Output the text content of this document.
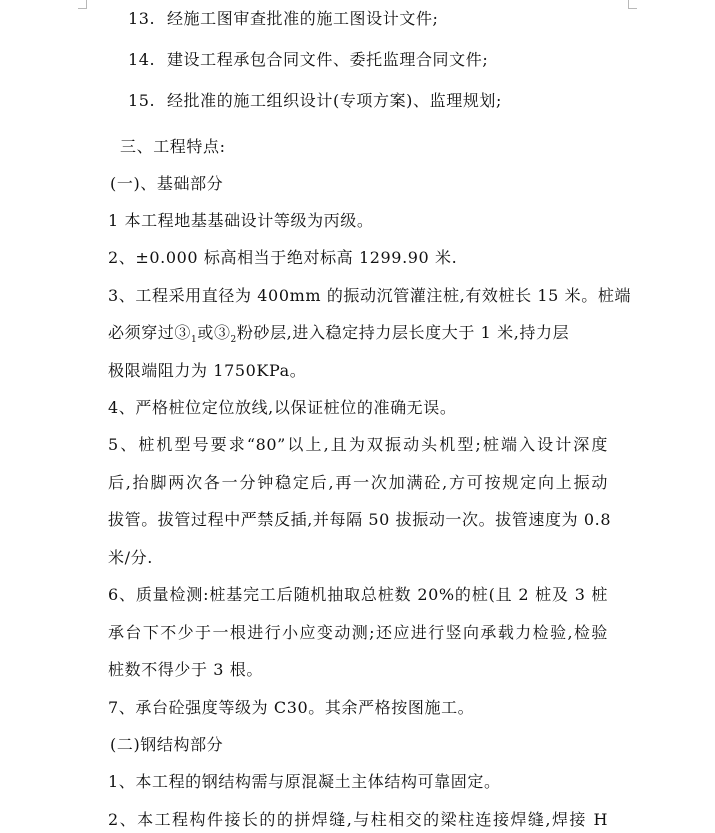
13. 经施工图审查批准的施工图设计文件;
14. 建设工程承包合同文件、委托监理合同文件;
15. 经批准的施工组织设计(专项方案)、监理规划;
三、工程特点:
(一)、基础部分
1 本工程地基基础设计等级为丙级。
2、±0.000 标高相当于绝对标高 1299.90 米.
3、工程采用直径为 400mm 的振动沉管灌注桩,有效桩长 15 米。桩端
必须穿过$③_1$或$③_2$粉砂层,进入稳定持力层长度大于 1 米,持力层
极限端阻力为 1750KPa。
4、严格桩位定位放线,以保证桩位的准确无误。
5、桩机型号要求“80”以上,且为双振动头机型;桩端入设计深度
后,抬脚两次各一分钟稳定后,再一次加满砼,方可按规定向上振动
拔管。拔管过程中严禁反插,并每隔 50 拔振动一次。拔管速度为 0.8
米/分.
6、质量检测:桩基完工后随机抽取总桩数 20%的桩(且 2 桩及 3 桩
承台下不少于一根进行小应变动测;还应进行竖向承载力检验,检验
桩数不得少于 3 根。
7、承台砼强度等级为 C30。其余严格按图施工。
(二)钢结构部分
1、本工程的钢结构需与原混凝土主体结构可靠固定。
2、本工程构件接长的的拼焊缝,与柱相交的梁柱连接焊缝,焊接 H
